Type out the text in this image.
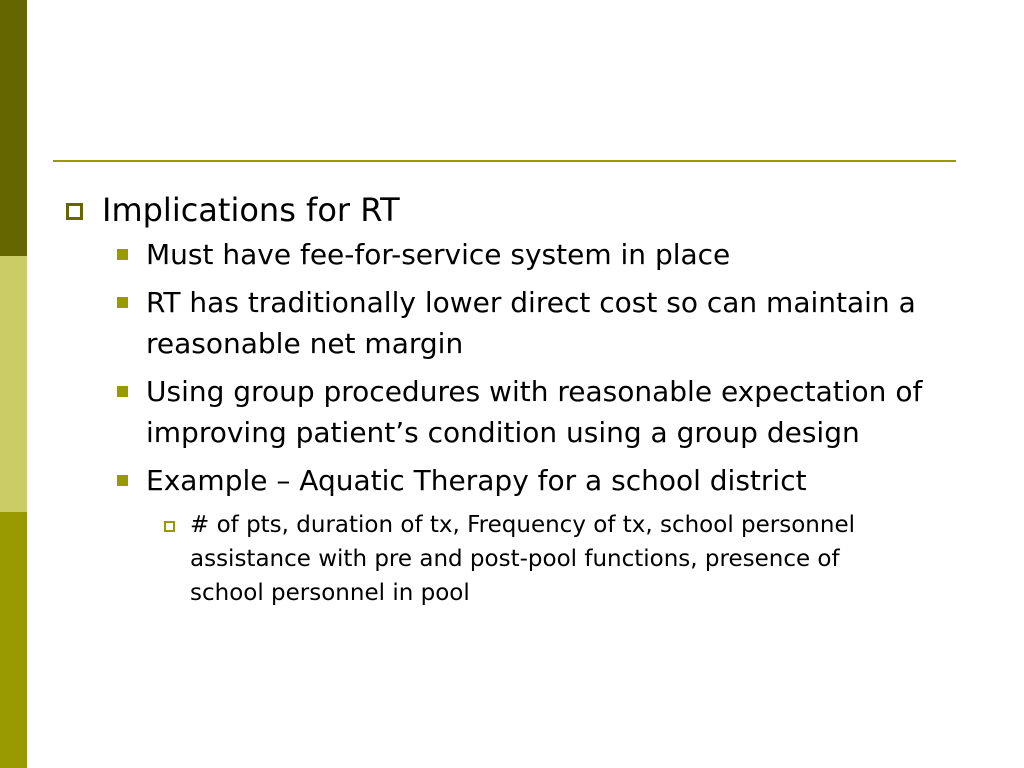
Implications for RT
Must have fee-for-service system in place
RT has traditionally lower direct cost so can maintain a reasonable net margin
Using group procedures with reasonable expectation of improving patient’s condition using a group design
Example – Aquatic Therapy for a school district
# of pts, duration of tx, Frequency of tx, school personnel assistance with pre and post-pool functions, presence of school personnel in pool
